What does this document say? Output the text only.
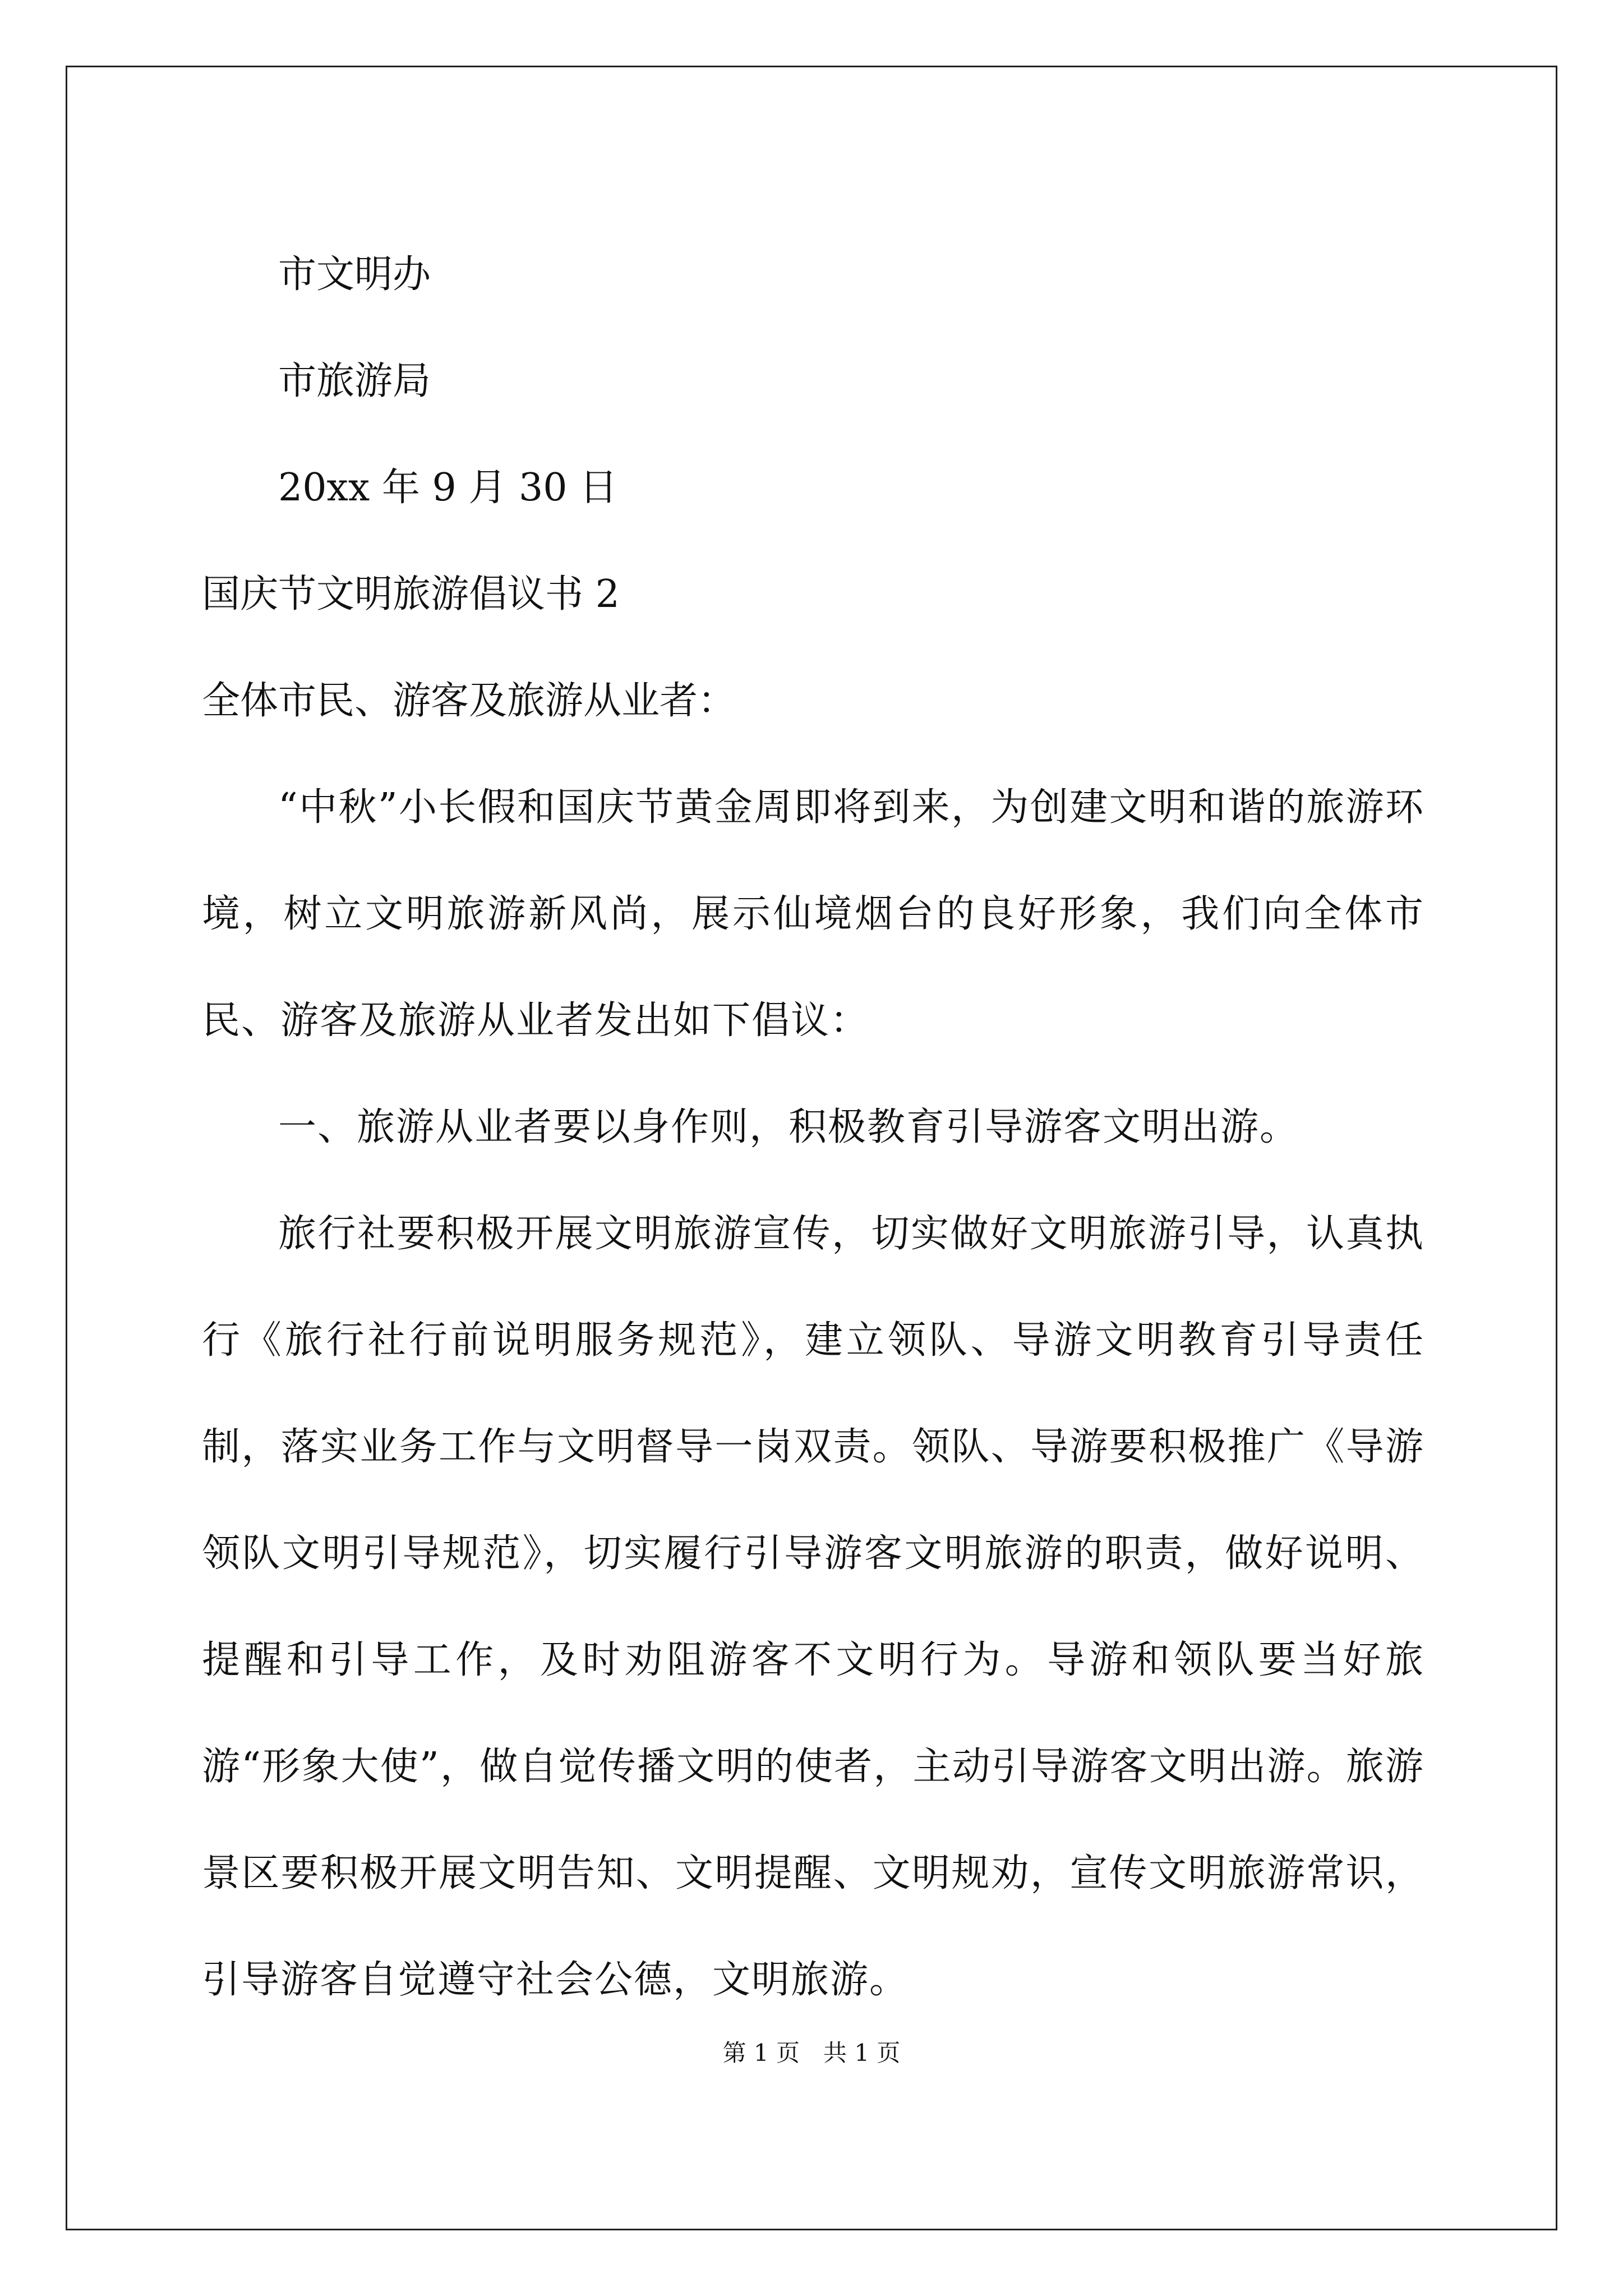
市文明办
市旅游局
20xx 年 9 月 30 日
国庆节文明旅游倡议书 2
全体市民、游客及旅游从业者：
“中秋”小长假和国庆节黄金周即将到来，为创建文明和谐的旅游环境，树立文明旅游新风尚，展示仙境烟台的良好形象，我们向全体市民、游客及旅游从业者发出如下倡议：
一、旅游从业者要以身作则，积极教育引导游客文明出游。
旅行社要积极开展文明旅游宣传，切实做好文明旅游引导，认真执行《旅行社行前说明服务规范》，建立领队、导游文明教育引导责任制，落实业务工作与文明督导一岗双责。领队、导游要积极推广《导游领队文明引导规范》，切实履行引导游客文明旅游的职责，做好说明、提醒和引导工作，及时劝阻游客不文明行为。导游和领队要当好旅游“形象大使”，做自觉传播文明的使者，主动引导游客文明出游。旅游景区要积极开展文明告知、文明提醒、文明规劝，宣传文明旅游常识，引导游客自觉遵守社会公德，文明旅游。
第 1 页　共 1 页
